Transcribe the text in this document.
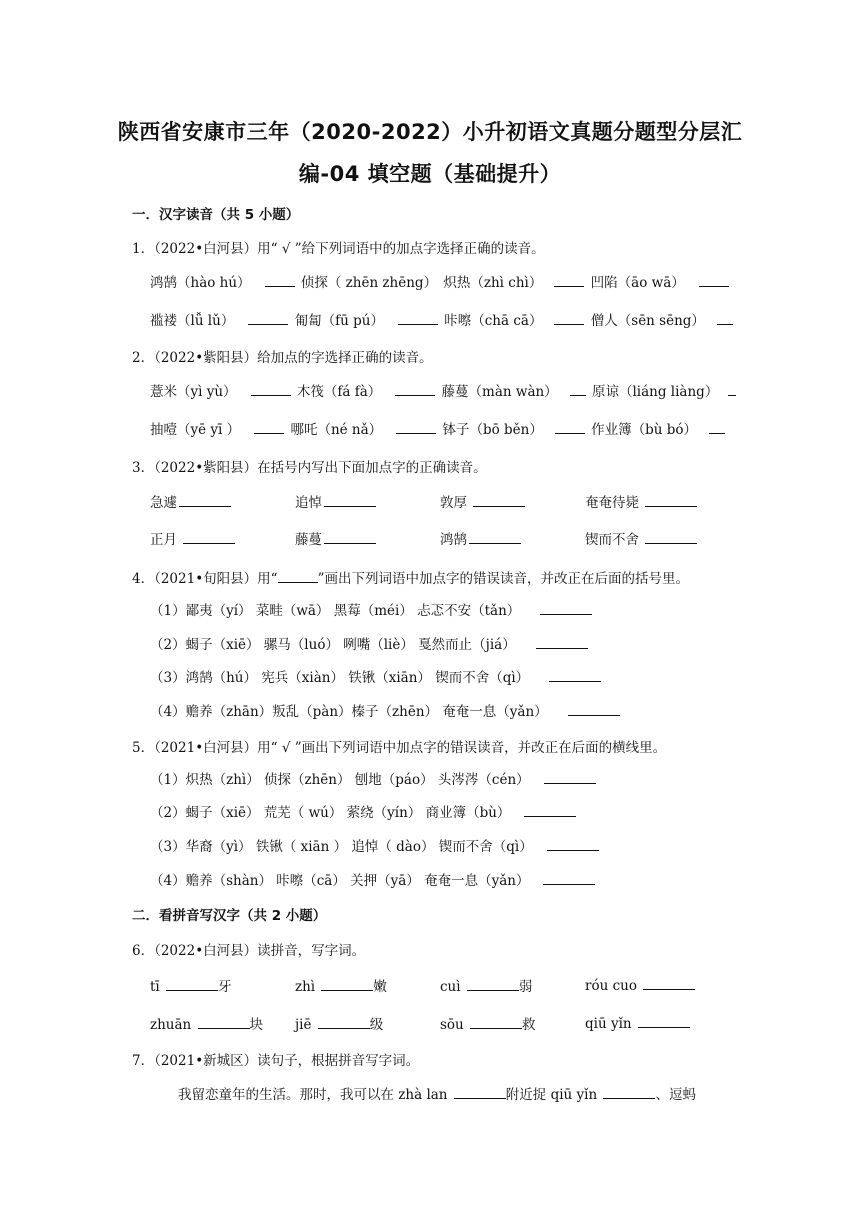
陕西省安康市三年（2020-2022）小升初语文真题分题型分层汇
编-04 填空题（基础提升）
一．汉字读音（共 5 小题）
1．（2022•白河县）用“ √ ”给下列词语中的加点字选择正确的读音。
鸿鹄（hào hú）	侦探（ zhēn zhēng） 炽热（zhì chì）	凹陷（āo wā）
褴褛（lǚ lǔ）	匍匐（fū pú）	咔嚓（chā cā）	僧人（sēn sēng）
2．（2022•紫阳县）给加点的字选择正确的读音。
薏米（yì yù）	木筏（fá fà）	藤蔓（màn wàn）	原谅（liáng liàng）
抽噎（yē yī ）	哪吒（né nǎ）	钵子（bō běn）	作业簿（bù bó）
3．（2022•紫阳县）在括号内写出下面加点字的正确读音。
急遽	追悼	敦厚	奄奄待毙
正月	藤蔓	鸿鹄	锲而不舍
4．（2021•旬阳县）用“	”画出下列词语中加点字的错误读音，并改正在后面的括号里。
（1）鄙夷（yí） 菜畦（wā） 黑莓（méi） 忐忑不安（tǎn）
（2）蝎子（xiē） 骡马（luó） 咧嘴（liè） 戛然而止（jiá）
（3）鸿鹄（hú） 宪兵（xiàn） 铁锹（xiān） 锲而不舍（qì）
（4）赡养（zhān）叛乱（pàn）榛子（zhēn） 奄奄一息（yǎn）
5．（2021•白河县）用“ √ ”画出下列词语中加点字的错误读音，并改正在后面的横线里。
（1）炽热（zhì） 侦探（zhēn） 刨地（páo） 头涔涔（cén）
（2）蝎子（xiē） 荒芜（ wú） 萦绕（yín） 商业簿（bù）
（3）华裔（yì） 铁锹（ xiān ） 追悼（ dào） 锲而不舍（qì）
（4）赡养（shàn） 咔嚓（cā） 关押（yā） 奄奄一息（yǎn）
二．看拼音写汉字（共 2 小题）
6．（2022•白河县）读拼音，写字词。
tī	牙	zhì	嫩	cuì	弱	róu cuo
zhuān	块 jiē	级	sōu	救	qiū yǐn
7．（2021•新城区）读句子，根据拼音写字词。
我留恋童年的生活。那时，我可以在 zhà lan	附近捉 qiū yǐn	、逗蚂
